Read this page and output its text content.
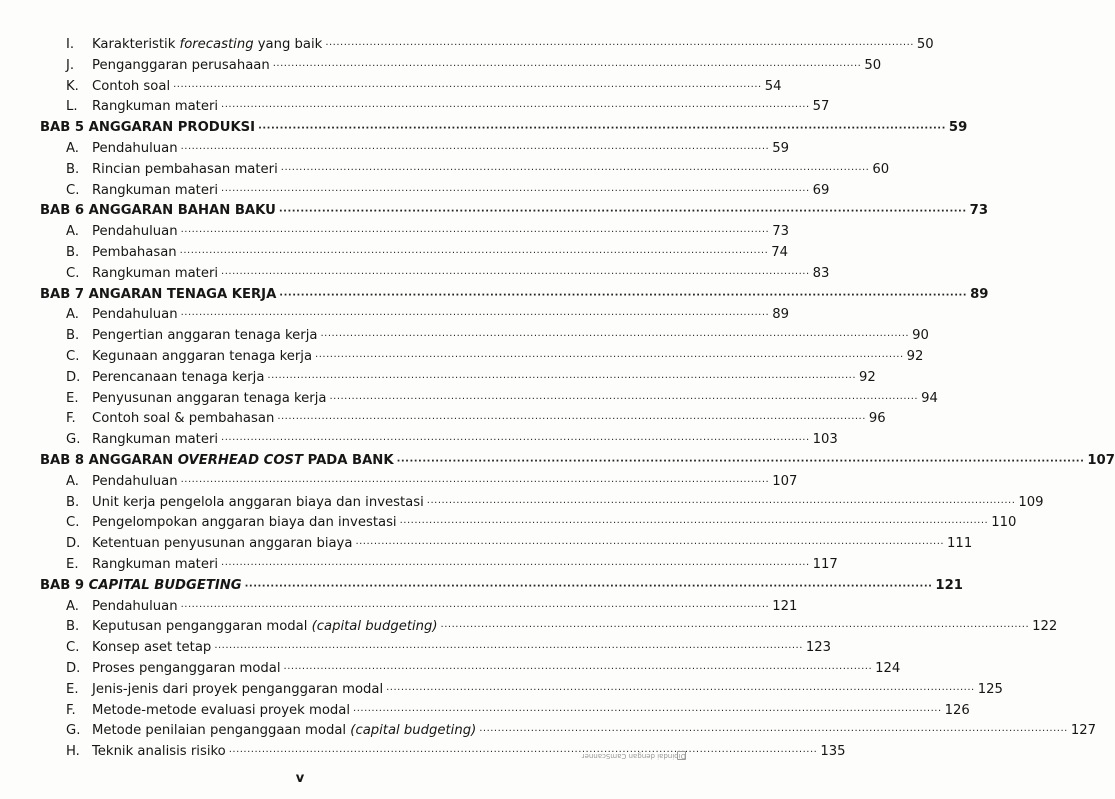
I.	Karakteristik forecasting yang baik ·····	50
J.	Penganggaran perusahaan ·····	50
K. Contoh soal ·····	54
L.	Rangkuman materi ·····	57
BAB 5 ANGGARAN PRODUKSI ·····	59
A. Pendahuluan ·····	59
B. Rincian pembahasan materi ·····	60
C. Rangkuman materi ·····	69
BAB 6 ANGGARAN BAHAN BAKU ·····	73
A. Pendahuluan ·····	73
B. Pembahasan ·····	74
C. Rangkuman materi ·····	83
BAB 7 ANGARAN TENAGA KERJA ·····	89
A. Pendahuluan ·····	89
B. Pengertian anggaran tenaga kerja ·····	90
C. Kegunaan anggaran tenaga kerja ·····	92
D. Perencanaan tenaga kerja ·····	92
E.	Penyusunan anggaran tenaga kerja ·····	94
F.	Contoh soal & pembahasan ·····	96
G. Rangkuman materi ·····	103
BAB 8 ANGGARAN OVERHEAD COST PADA BANK ·····	107
A. Pendahuluan ·····	107
B. Unit kerja pengelola anggaran biaya dan investasi ·····	109
C. Pengelompokan anggaran biaya dan investasi ·····	110
D. Ketentuan penyusunan anggaran biaya ·····	111
E.	Rangkuman materi ·····	117
BAB 9 CAPITAL BUDGETING ·····	121
A. Pendahuluan ·····	121
B. Keputusan penganggaran modal (capital budgeting) ·····	122
C. Konsep aset tetap ·····	123
D. Proses penganggaran modal ·····	124
E.	Jenis-jenis dari proyek penganggaran modal ·····	125
F.	Metode-metode evaluasi proyek modal ·····	126
G. Metode penilaian penganggaan modal (capital budgeting) ·····	127
H. Teknik analisis risiko ·····	135
v
Dipindai dengan CamScanner
